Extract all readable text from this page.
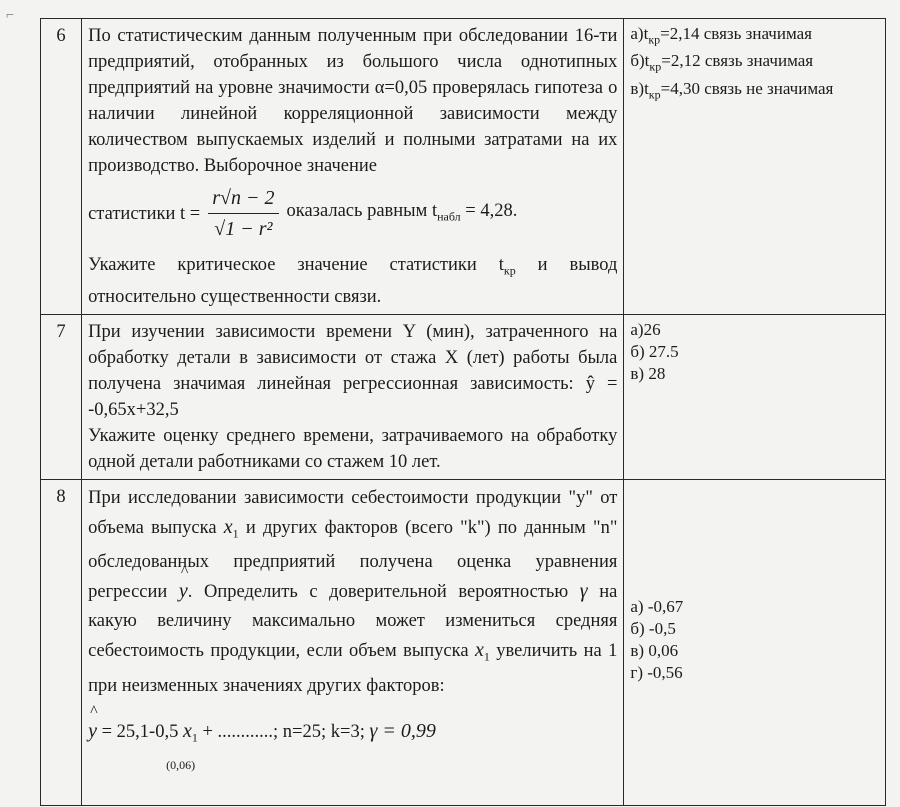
⌐
6	По статистическим данным полученным при обследовании 16-ти предприятий, отобранных из большого числа однотипных предприятий на уровне значимости α=0,05 проверялась гипотеза о наличии линейной корреляционной зависимости между количеством выпускаемых изделий и полными затратами на их производство. Выборочное значение
статистики $t = \frac{r√n - 2}{\text{√1 − r²}}$ оказалась равным $t_{набл} = 4,28$.
Укажите критическое значение статистики $t_{кр}$ и вывод относительно существенности связи.

$а)t_{кр}=2,14$ связь значимая
$б)t_{кр}=2,12$ связь значимая
$в)t_{кр}=4,30$ связь не значимая

7	При изучении зависимости времени Y (мин), затраченного на обработку детали в зависимости от стажа X (лет) работы была получена значимая линейная регрессионная зависимость: ŷ = -0,65x+32,5
Укажите оценку среднего времени, затрачиваемого на обработку одной детали работниками со стажем 10 лет.

а)26
б) 27.5
в) 28

8	При исследовании зависимости себестоимости продукции "y" от объема выпуска $x_1$ и других факторов (всего "k") по данным "n" обследованных предприятий получена оценка уравнения регрессии ^ y. Определить с доверительной вероятностью γ на какую величину максимально может измениться средняя себестоимость продукции, если объем выпуска $x_1$ увеличить на 1 при неизменных значениях других факторов:
^ y = 25,1-0,5 $x_1$ + ............; n=25; k=3; γ = 0,99
(0,06)

а) -0,67
б) -0,5
в) 0,06
г) -0,56
